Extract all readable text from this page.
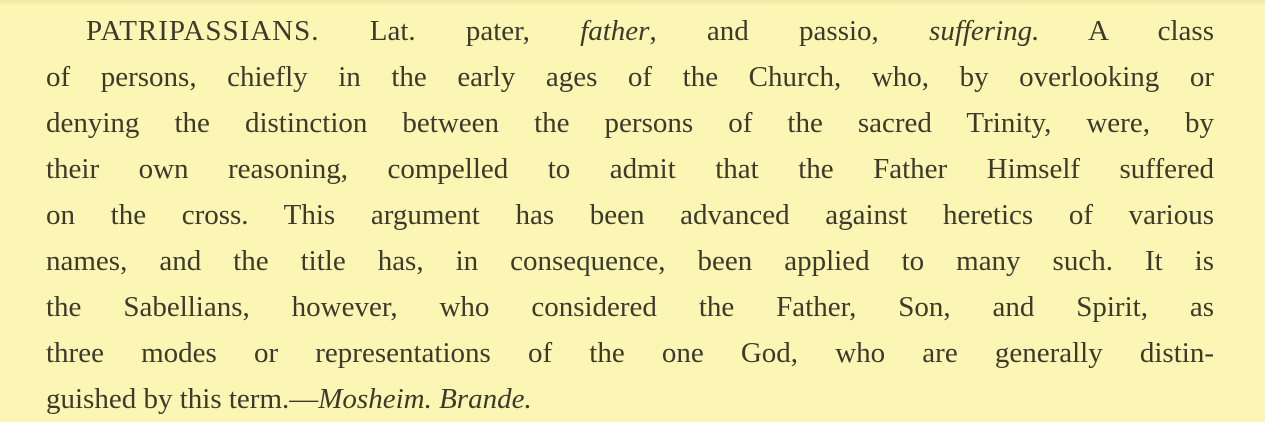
PATRIPASSIANS. Lat. pater, father, and passio, suffering. A class
of persons, chiefly in the early ages of the Church, who, by overlooking or
denying the distinction between the persons of the sacred Trinity, were, by
their own reasoning, compelled to admit that the Father Himself suffered
on the cross. This argument has been advanced against heretics of various
names, and the title has, in consequence, been applied to many such. It is
the Sabellians, however, who considered the Father, Son, and Spirit, as
three modes or representations of the one God, who are generally distin-
guished by this term.—Mosheim. Brande.
